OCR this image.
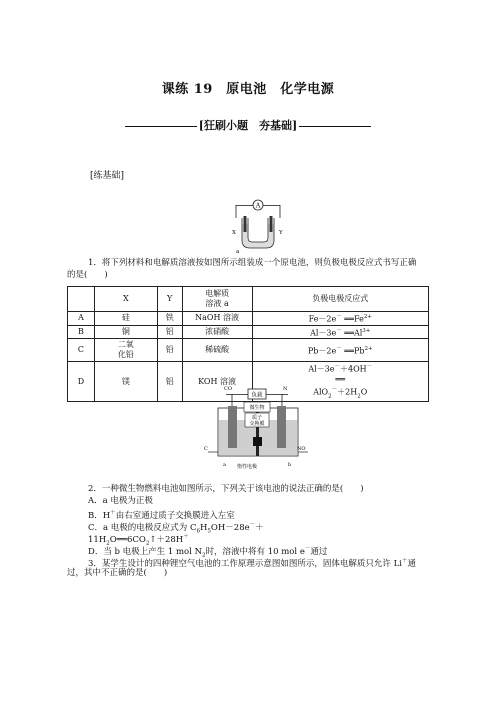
课练 19　原电池　化学电源
[狂刷小题　夯基础]
[练基础]
A
X	Y
a
1．将下列材料和电解质溶液按如图所示组装成一个原电池，则负极电极反应式书写正确
的是(　　)
	X	Y	电解质
溶液 a	负极电极反应式
A	硅	铁	NaOH 溶液	Fe－2e－ $══Fe^{2+}$
B	铜	铝	浓硝酸	Al－3e－ $══Al^{3+}$
C	二氧
化铅	铅	稀硫酸	Pb－2e－ $══Pb^{2+}$
D	镁	铝	KOH 溶液	Al－3e－＋4OH－
══
$AlO_2^-+2H_2O$
负载
CO	N
微生物
质子
交换膜
C	NO
惰性电极
a	b
2．一种微生物燃料电池如图所示，下列关于该电池的说法正确的是(　　)
A．a 电极为正极
B．H＋由右室通过质子交换膜进入左室
C．a 电极的电极反应式为 $C_6H_5OH-28e^-+$
$11H_2O══6CO_2↑+28H^+$
D．当 b 电极上产生 1 mol $N_2$时，溶液中将有 10 mol e－通过
3．某学生设计的四种锂空气电池的工作原理示意图如图所示，固体电解质只允许 Li＋通
过，其中不正确的是(　　)
